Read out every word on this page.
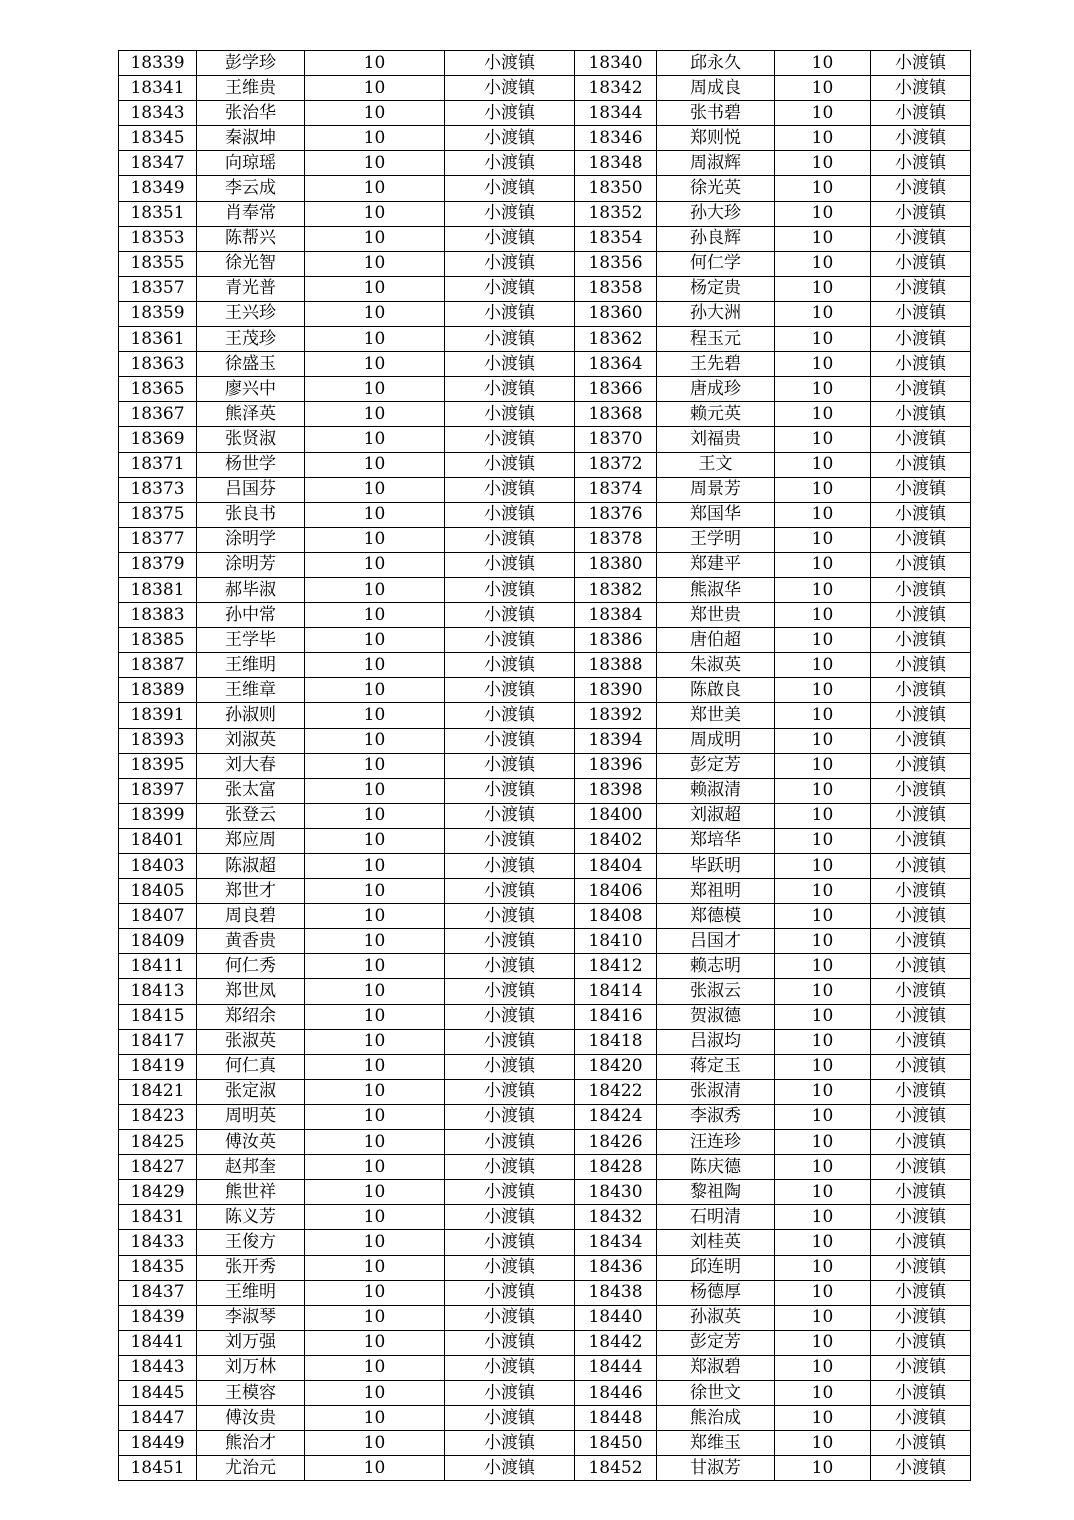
18339	彭学珍	10	小渡镇	18340	邱永久	10	小渡镇
18341	王维贵	10	小渡镇	18342	周成良	10	小渡镇
18343	张治华	10	小渡镇	18344	张书碧	10	小渡镇
18345	秦淑坤	10	小渡镇	18346	郑则悦	10	小渡镇
18347	向琼瑶	10	小渡镇	18348	周淑辉	10	小渡镇
18349	李云成	10	小渡镇	18350	徐光英	10	小渡镇
18351	肖奉常	10	小渡镇	18352	孙大珍	10	小渡镇
18353	陈帮兴	10	小渡镇	18354	孙良辉	10	小渡镇
18355	徐光智	10	小渡镇	18356	何仁学	10	小渡镇
18357	青光普	10	小渡镇	18358	杨定贵	10	小渡镇
18359	王兴珍	10	小渡镇	18360	孙大洲	10	小渡镇
18361	王茂珍	10	小渡镇	18362	程玉元	10	小渡镇
18363	徐盛玉	10	小渡镇	18364	王先碧	10	小渡镇
18365	廖兴中	10	小渡镇	18366	唐成珍	10	小渡镇
18367	熊泽英	10	小渡镇	18368	赖元英	10	小渡镇
18369	张贤淑	10	小渡镇	18370	刘福贵	10	小渡镇
18371	杨世学	10	小渡镇	18372	王文	10	小渡镇
18373	吕国芬	10	小渡镇	18374	周景芳	10	小渡镇
18375	张良书	10	小渡镇	18376	郑国华	10	小渡镇
18377	涂明学	10	小渡镇	18378	王学明	10	小渡镇
18379	涂明芳	10	小渡镇	18380	郑建平	10	小渡镇
18381	郝毕淑	10	小渡镇	18382	熊淑华	10	小渡镇
18383	孙中常	10	小渡镇	18384	郑世贵	10	小渡镇
18385	王学毕	10	小渡镇	18386	唐伯超	10	小渡镇
18387	王维明	10	小渡镇	18388	朱淑英	10	小渡镇
18389	王维章	10	小渡镇	18390	陈啟良	10	小渡镇
18391	孙淑则	10	小渡镇	18392	郑世美	10	小渡镇
18393	刘淑英	10	小渡镇	18394	周成明	10	小渡镇
18395	刘大春	10	小渡镇	18396	彭定芳	10	小渡镇
18397	张太富	10	小渡镇	18398	赖淑清	10	小渡镇
18399	张登云	10	小渡镇	18400	刘淑超	10	小渡镇
18401	郑应周	10	小渡镇	18402	郑培华	10	小渡镇
18403	陈淑超	10	小渡镇	18404	毕跃明	10	小渡镇
18405	郑世才	10	小渡镇	18406	郑祖明	10	小渡镇
18407	周良碧	10	小渡镇	18408	郑德模	10	小渡镇
18409	黄香贵	10	小渡镇	18410	吕国才	10	小渡镇
18411	何仁秀	10	小渡镇	18412	赖志明	10	小渡镇
18413	郑世凤	10	小渡镇	18414	张淑云	10	小渡镇
18415	郑绍余	10	小渡镇	18416	贺淑德	10	小渡镇
18417	张淑英	10	小渡镇	18418	吕淑均	10	小渡镇
18419	何仁真	10	小渡镇	18420	蒋定玉	10	小渡镇
18421	张定淑	10	小渡镇	18422	张淑清	10	小渡镇
18423	周明英	10	小渡镇	18424	李淑秀	10	小渡镇
18425	傅汝英	10	小渡镇	18426	汪连珍	10	小渡镇
18427	赵邦奎	10	小渡镇	18428	陈庆德	10	小渡镇
18429	熊世祥	10	小渡镇	18430	黎祖陶	10	小渡镇
18431	陈义芳	10	小渡镇	18432	石明清	10	小渡镇
18433	王俊方	10	小渡镇	18434	刘桂英	10	小渡镇
18435	张开秀	10	小渡镇	18436	邱连明	10	小渡镇
18437	王维明	10	小渡镇	18438	杨德厚	10	小渡镇
18439	李淑琴	10	小渡镇	18440	孙淑英	10	小渡镇
18441	刘万强	10	小渡镇	18442	彭定芳	10	小渡镇
18443	刘万林	10	小渡镇	18444	郑淑碧	10	小渡镇
18445	王模容	10	小渡镇	18446	徐世文	10	小渡镇
18447	傅汝贵	10	小渡镇	18448	熊治成	10	小渡镇
18449	熊治才	10	小渡镇	18450	郑维玉	10	小渡镇
18451	尤治元	10	小渡镇	18452	甘淑芳	10	小渡镇
